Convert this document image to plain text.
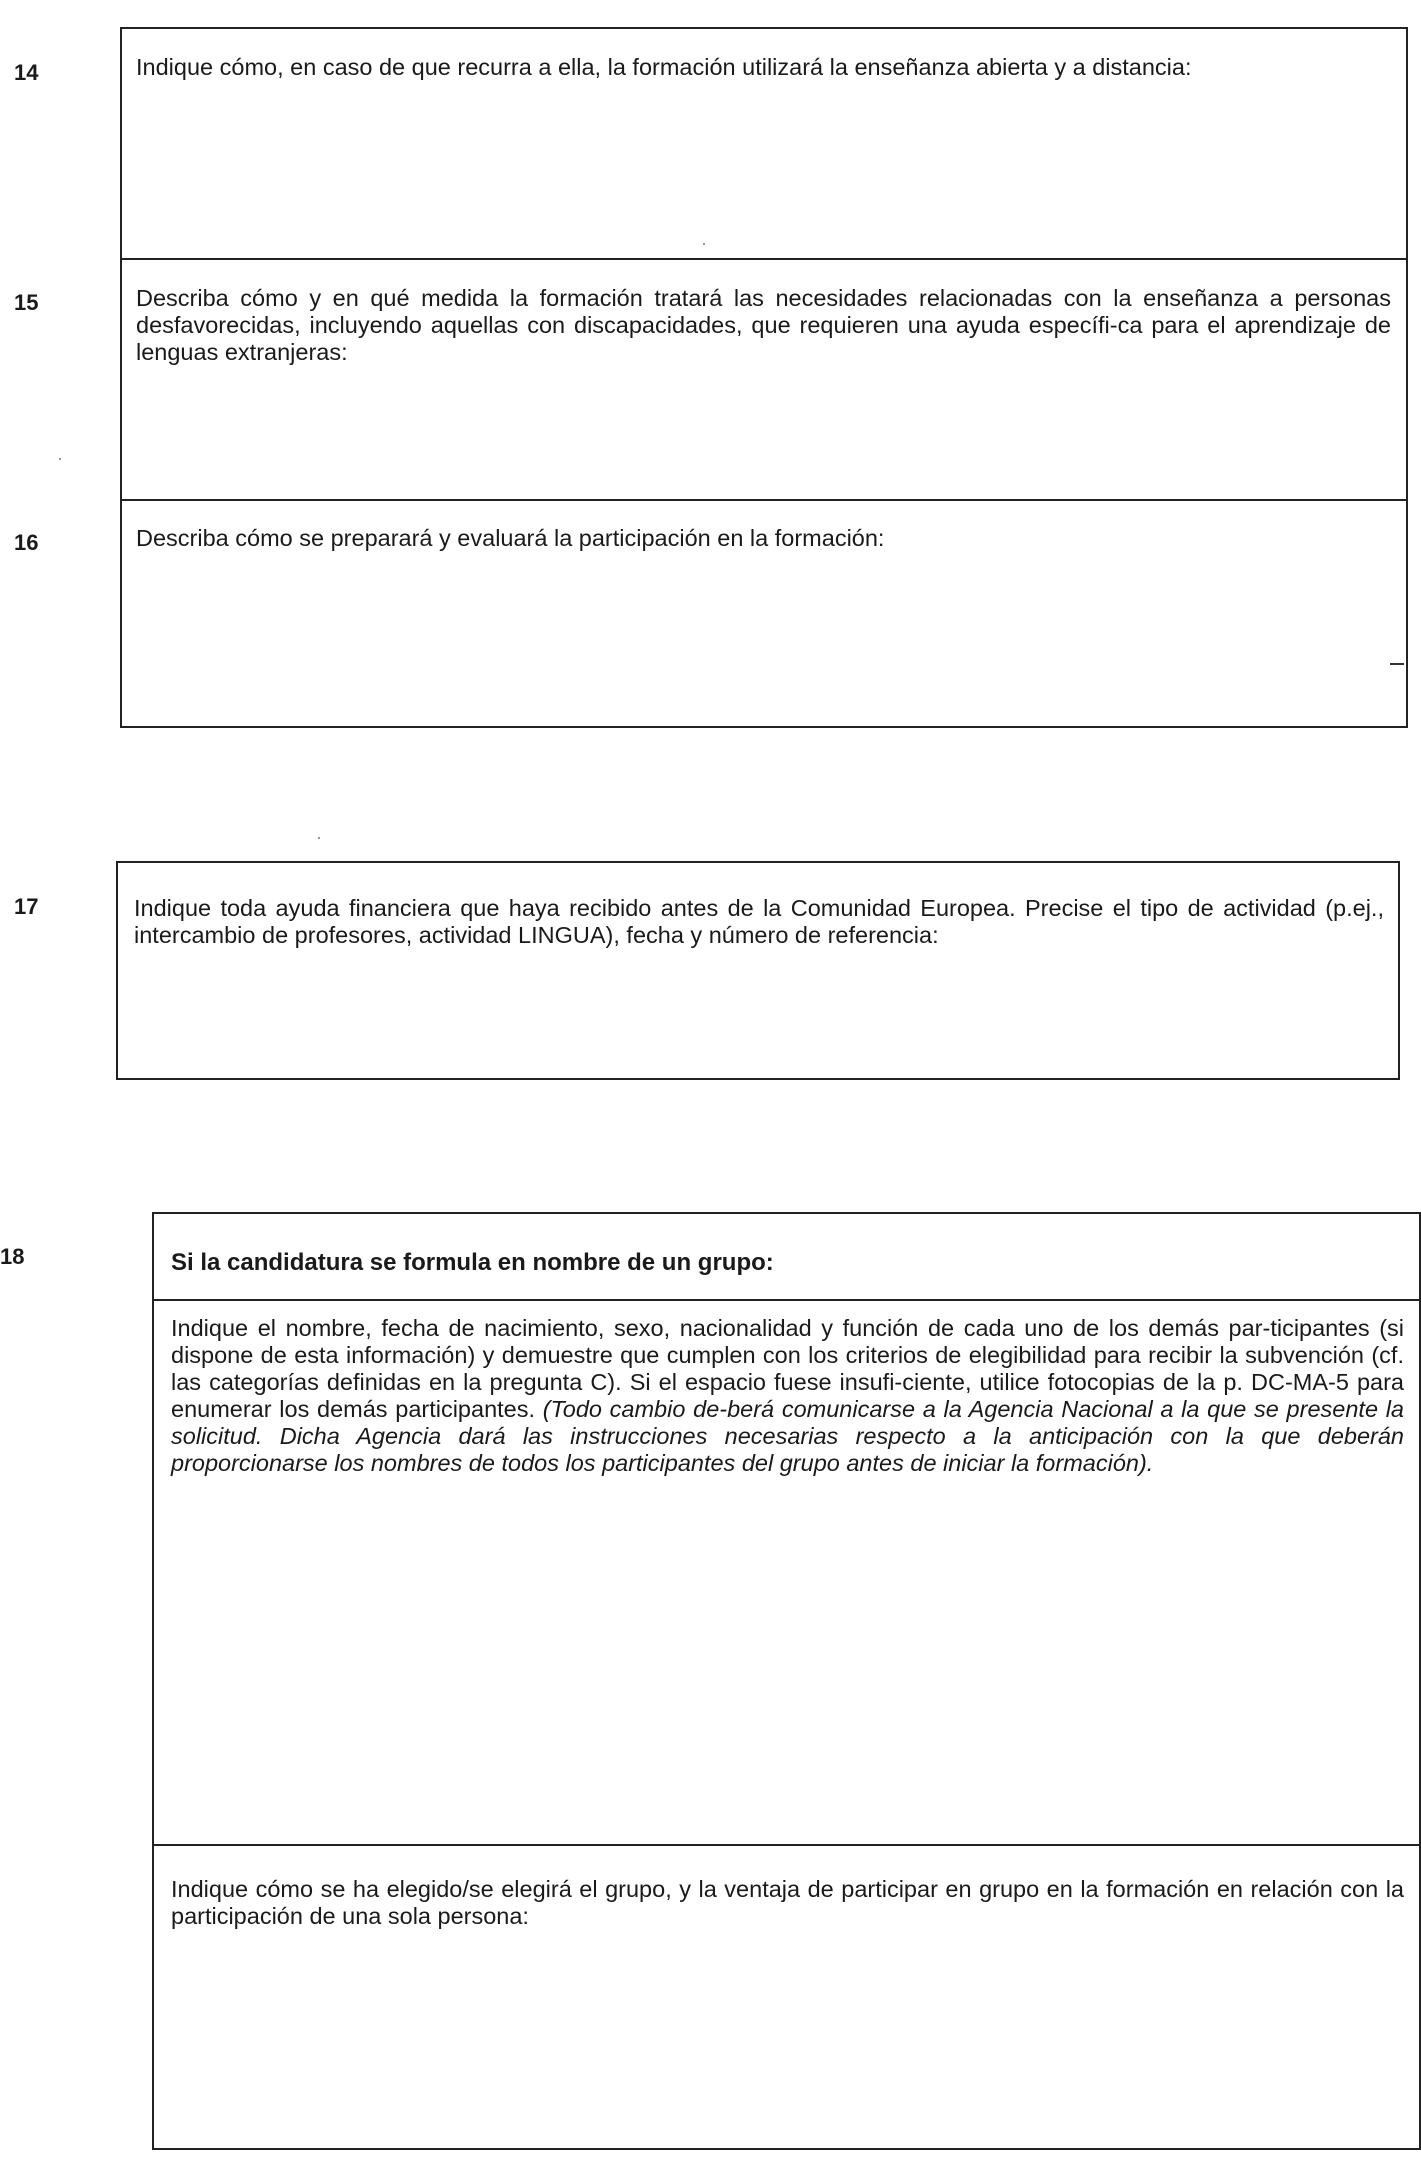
14
15
16

Indique cómo, en caso de que recurra a ella, la formación utilizará la enseñanza abierta y a distancia:

Describa cómo y en qué medida la formación tratará las necesidades relacionadas con la enseñanza a personas desfavorecidas, incluyendo aquellas con discapacidades, que requieren una ayuda específi-ca para el aprendizaje de lenguas extranjeras:

Describa cómo se preparará y evaluará la participación en la formación:

17	Indique toda ayuda financiera que haya recibido antes de la Comunidad Europea. Precise el tipo de actividad (p.ej., intercambio de profesores, actividad LINGUA), fecha y número de referencia:

18	Si la candidatura se formula en nombre de un grupo:

Indique el nombre, fecha de nacimiento, sexo, nacionalidad y función de cada uno de los demás par-ticipantes (si dispone de esta información) y demuestre que cumplen con los criterios de elegibilidad para recibir la subvención (cf. las categorías definidas en la pregunta C). Si el espacio fuese insufi-ciente, utilice fotocopias de la p. DC-MA-5 para enumerar los demás participantes. (Todo cambio de-berá comunicarse a la Agencia Nacional a la que se presente la solicitud. Dicha Agencia dará las instrucciones necesarias respecto a la anticipación con la que deberán proporcionarse los nombres de todos los participantes del grupo antes de iniciar la formación).

Indique cómo se ha elegido/se elegirá el grupo, y la ventaja de participar en grupo en la formación en relación con la participación de una sola persona:
